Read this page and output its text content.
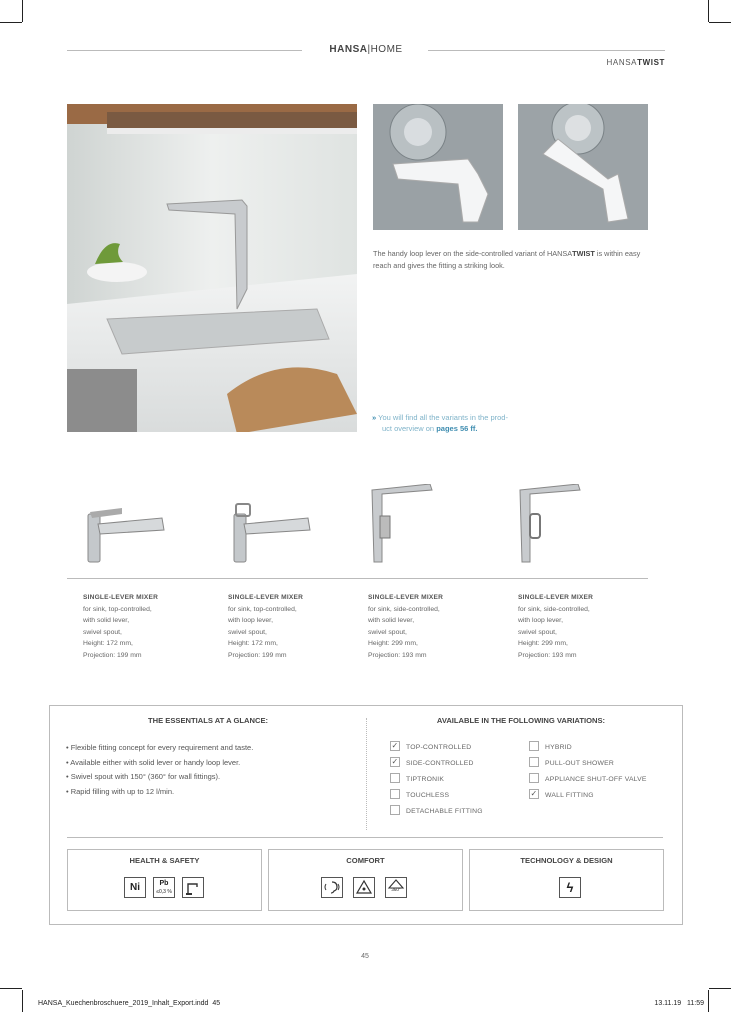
HANSA|HOME
HANSATWIST
The handy loop lever on the side-controlled variant of HANSATWIST is within easy reach and gives the fitting a striking look.
» You will find all the variants in the prod-
uct overview on pages 56 ff.
SINGLE-LEVER MIXER
for sink, top-controlled,
with solid lever,
swivel spout,
Height: 172 mm,
Projection: 199 mm
SINGLE-LEVER MIXER
for sink, top-controlled,
with loop lever,
swivel spout,
Height: 172 mm,
Projection: 199 mm
SINGLE-LEVER MIXER
for sink, side-controlled,
with solid lever,
swivel spout,
Height: 299 mm,
Projection: 193 mm
SINGLE-LEVER MIXER
for sink, side-controlled,
with loop lever,
swivel spout,
Height: 299 mm,
Projection: 193 mm
THE ESSENTIALS AT A GLANCE:	AVAILABLE IN THE FOLLOWING VARIATIONS:
• Flexible fitting concept for every requirement and taste.
• Available either with solid lever or handy loop lever.
• Swivel spout with 150° (360° for wall fittings).
• Rapid filling with up to 12 l/min.
✓ TOP-CONTROLLED
✓ SIDE-CONTROLLED
TIPTRONIK
TOUCHLESS
DETACHABLE FITTING
HYBRID
PULL-OUT SHOWER
APPLIANCE SHUT-OFF VALVE
✓ WALL FITTING
HEALTH & SAFETY
Ni	Pb
≤0,3 %
COMFORT
360°
TECHNOLOGY & DESIGN
ϟ
45
HANSA_Kuechenbroschuere_2019_Inhalt_Export.indd 45	13.11.19 11:59
